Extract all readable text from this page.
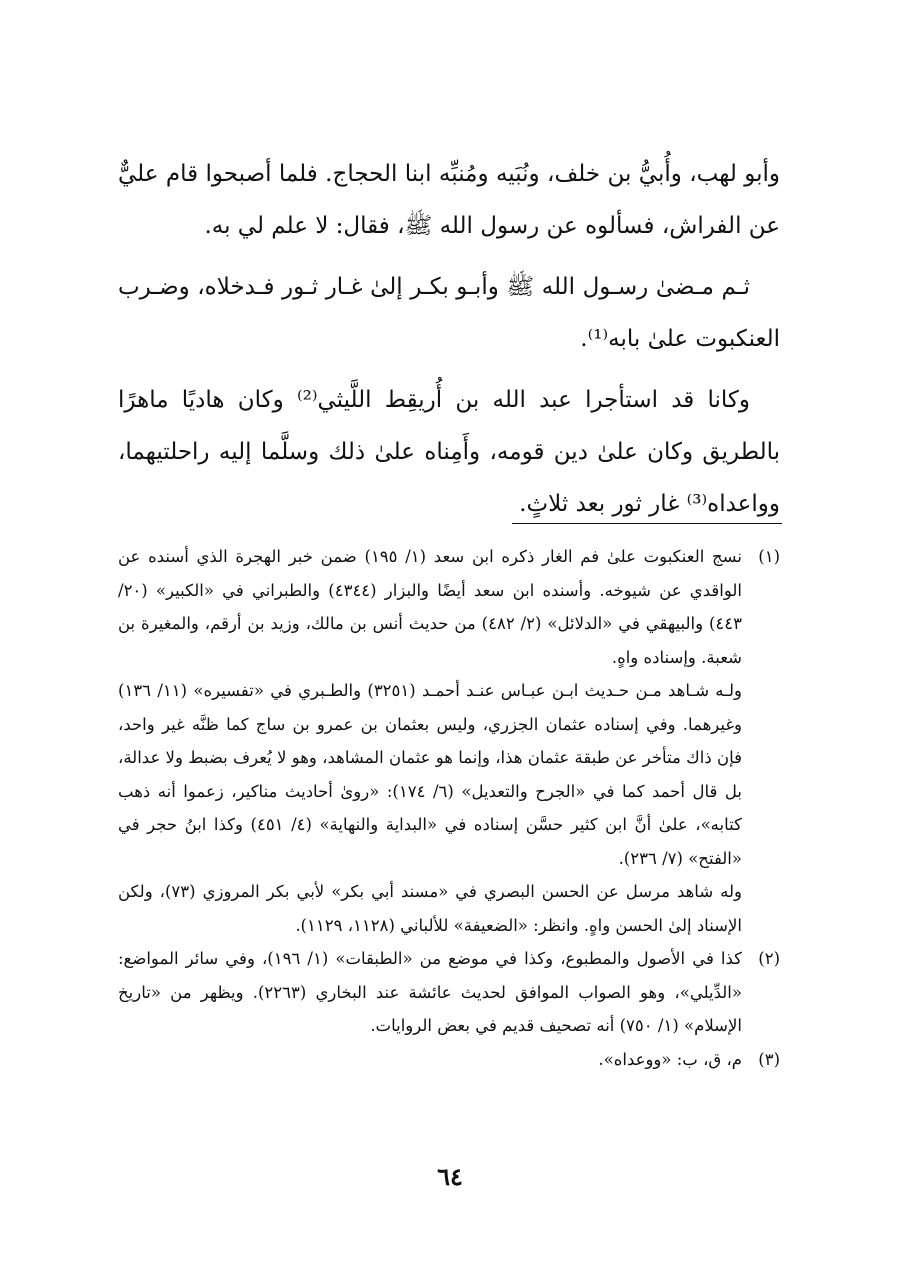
وأبو لهب، وأُبيُّ بن خلف، ونُبَيه ومُنبِّه ابنا الحجاج. فلما أصبحوا قام عليٌّ عن الفراش، فسألوه عن رسول الله ﷺ، فقال: لا علم لي به.

ثـم مـضىٰ رسـول الله ﷺ وأبـو بكـر إلىٰ غـار ثـور فـدخلاه، وضـرب العنكبوت علىٰ بابه⁽¹⁾.

وكانا قد استأجرا عبد الله بن أُريقِط اللَّيثي⁽²⁾ وكان هاديًا ماهرًا بالطريق وكان علىٰ دين قومه، وأَمِناه علىٰ ذلك وسلَّما إليه راحلتيهما، وواعداه⁽³⁾ غار ثور بعد ثلاثٍ.

(١)

نسج العنكبوت علىٰ فم الغار ذكره ابن سعد (١/ ١٩٥) ضمن خبر الهجرة الذي أسنده عن الواقدي عن شيوخه. وأسنده ابن سعد أيضًا والبزار (٤٣٤٤) والطبراني في «الكبير» (٢٠/ ٤٤٣) والبيهقي في «الدلائل» (٢/ ٤٨٢) من حديث أنس بن مالك، وزيد بن أرقم، والمغيرة بن شعبة. وإسناده واهٍ.

ولـه شـاهد مـن حـديث ابـن عبـاس عنـد أحمـد (٣٢٥١) والطـبري في «تفسيره» (١١/ ١٣٦) وغيرهما. وفي إسناده عثمان الجزري، وليس بعثمان بن عمرو بن ساج كما ظنَّه غير واحد، فإن ذاك متأخر عن طبقة عثمان هذا، وإنما هو عثمان المشاهد، وهو لا يُعرف بضبط ولا عدالة، بل قال أحمد كما في «الجرح والتعديل» (٦/ ١٧٤): «روىٰ أحاديث مناكير، زعموا أنه ذهب كتابه»، علىٰ أنَّ ابن كثير حسَّن إسناده في «البداية والنهاية» (٤/ ٤٥١) وكذا ابنُ حجر في «الفتح» (٧/ ٢٣٦).

وله شاهد مرسل عن الحسن البصري في «مسند أبي بكر» لأبي بكر المروزي (٧٣)، ولكن الإسناد إلىٰ الحسن واهٍ. وانظر: «الضعيفة» للألباني (١١٢٨، ١١٢٩).

(٢)

كذا في الأصول والمطبوع، وكذا في موضع من «الطبقات» (١/ ١٩٦)، وفي سائر المواضع: «الدِّيلي»، وهو الصواب الموافق لحديث عائشة عند البخاري (٢٢٦٣). ويظهر من «تاريخ الإسلام» (١/ ٧٥٠) أنه تصحيف قديم في بعض الروايات.

(٣)

م، ق، ب: «ووعداه».

٦٤
